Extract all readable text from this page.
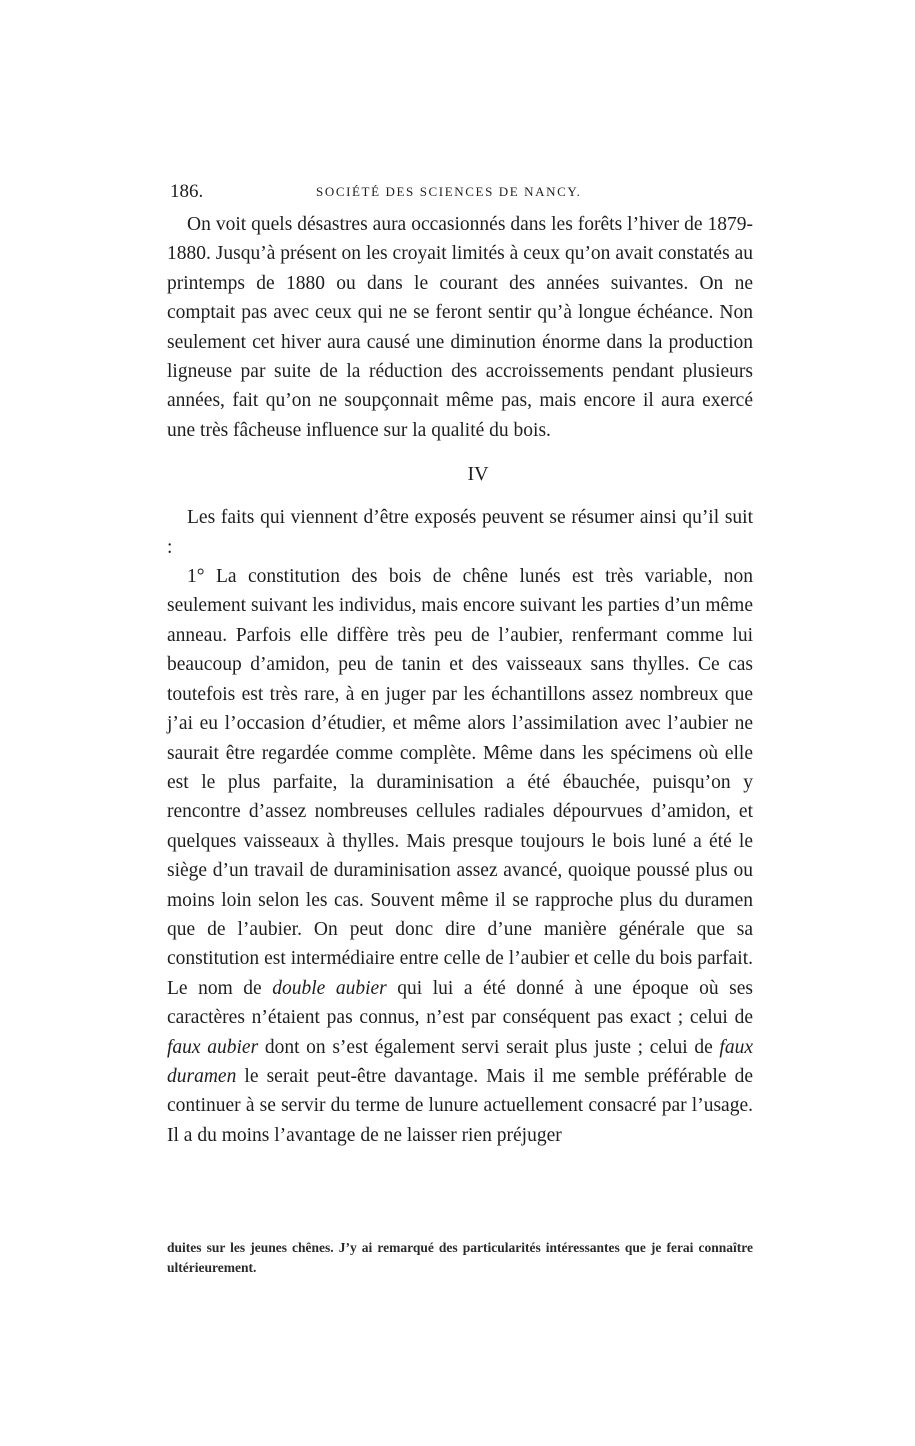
186.	SOCIÉTÉ DES SCIENCES DE NANCY.

On voit quels désastres aura occasionnés dans les forêts l’hiver de 1879-1880. Jusqu’à présent on les croyait limités à ceux qu’on avait constatés au printemps de 1880 ou dans le courant des années suivantes. On ne comptait pas avec ceux qui ne se feront sentir qu’à longue échéance. Non seulement cet hiver aura causé une diminution énorme dans la production ligneuse par suite de la réduction des accroissements pendant plusieurs années, fait qu’on ne soupçonnait même pas, mais encore il aura exercé une très fâcheuse influence sur la qualité du bois.

IV

Les faits qui viennent d’être exposés peuvent se résumer ainsi qu’il suit :

1° La constitution des bois de chêne lunés est très variable, non seulement suivant les individus, mais encore suivant les parties d’un même anneau. Parfois elle diffère très peu de l’aubier, renfermant comme lui beaucoup d’amidon, peu de tanin et des vaisseaux sans thylles. Ce cas toutefois est très rare, à en juger par les échantillons assez nombreux que j’ai eu l’occasion d’étudier, et même alors l’assimilation avec l’aubier ne saurait être regardée comme complète. Même dans les spécimens où elle est le plus parfaite, la duraminisation a été ébauchée, puisqu’on y rencontre d’assez nombreuses cellules radiales dépourvues d’amidon, et quelques vaisseaux à thylles. Mais presque toujours le bois luné a été le siège d’un travail de duraminisation assez avancé, quoique poussé plus ou moins loin selon les cas. Souvent même il se rapproche plus du duramen que de l’aubier. On peut donc dire d’une manière générale que sa constitution est intermédiaire entre celle de l’aubier et celle du bois parfait. Le nom de double aubier qui lui a été donné à une époque où ses caractères n’étaient pas connus, n’est par conséquent pas exact ; celui de faux aubier dont on s’est également servi serait plus juste ; celui de faux duramen le serait peut-être davantage. Mais il me semble préférable de continuer à se servir du terme de lunure actuellement consacré par l’usage. Il a du moins l’avantage de ne laisser rien préjuger

duites sur les jeunes chênes. J’y ai remarqué des particularités intéressantes que je ferai connaître ultérieurement.
